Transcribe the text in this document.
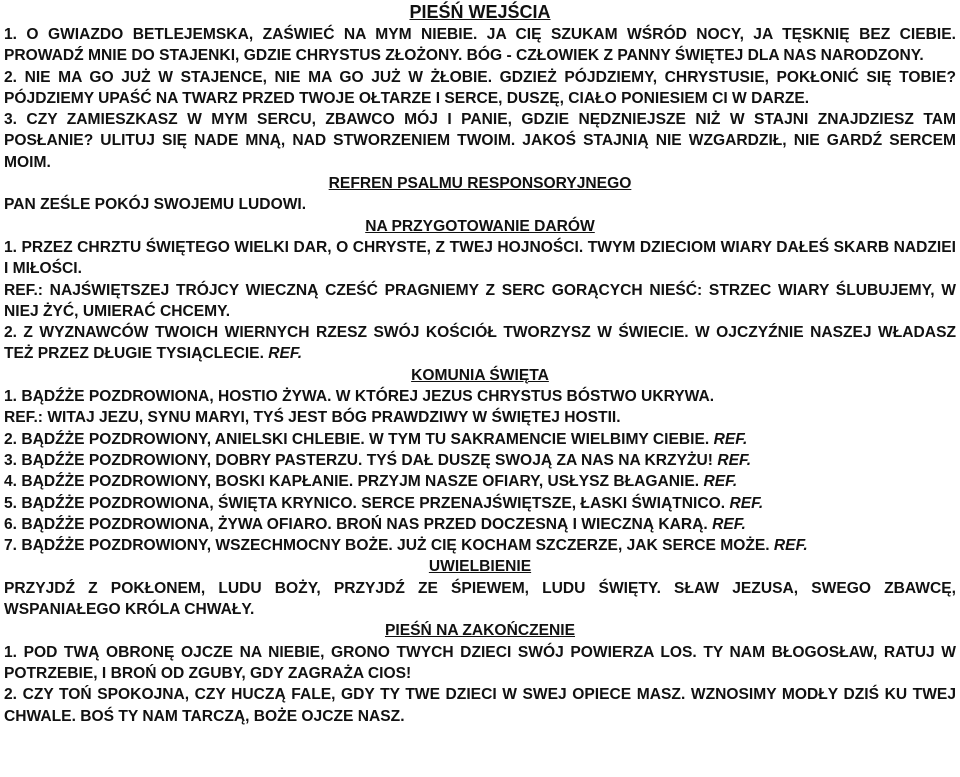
PIEŚŃ WEJŚCIA
1. O GWIAZDO BETLEJEMSKA, ZAŚWIEĆ NA MYM NIEBIE. JA CIĘ SZUKAM WŚRÓD NOCY, JA TĘSKNIĘ BEZ CIEBIE. PROWADŹ MNIE DO STAJENKI, GDZIE CHRYSTUS ZŁOŻONY. BÓG - CZŁOWIEK Z PANNY ŚWIĘTEJ DLA NAS NARODZONY.
2. NIE MA GO JUŻ W STAJENCE, NIE MA GO JUŻ W ŻŁOBIE. GDZIEŻ PÓJDZIEMY, CHRYSTUSIE, POKŁONIĆ SIĘ TOBIE? PÓJDZIEMY UPAŚĆ NA TWARZ PRZED TWOJE OŁTARZE I SERCE, DUSZĘ, CIAŁO PONIESIEM CI W DARZE.
3. CZY ZAMIESZKASZ W MYM SERCU, ZBAWCO MÓJ I PANIE, GDZIE NĘDZNIEJSZE NIŻ W STAJNI ZNAJDZIESZ TAM POSŁANIE? ULITUJ SIĘ NADE MNĄ, NAD STWORZENIEM TWOIM. JAKOŚ STAJNIĄ NIE WZGARDZIŁ, NIE GARDŹ SERCEM MOIM.
REFREN PSALMU RESPONSORYJNEGO
PAN ZEŚLE POKÓJ SWOJEMU LUDOWI.
NA PRZYGOTOWANIE DARÓW
1. PRZEZ CHRZTU ŚWIĘTEGO WIELKI DAR, O CHRYSTE, Z TWEJ HOJNOŚCI. TWYM DZIECIOM WIARY DAŁEŚ SKARB NADZIEI I MIŁOŚCI.
REF.: NAJŚWIĘTSZEJ TRÓJCY WIECZNĄ CZEŚĆ PRAGNIEMY Z SERC GORĄCYCH NIEŚĆ: STRZEC WIARY ŚLUBUJEMY, W NIEJ ŻYĆ, UMIERAĆ CHCEMY.
2. Z WYZNAWCÓW TWOICH WIERNYCH RZESZ SWÓJ KOŚCIÓŁ TWORZYSZ W ŚWIECIE. W OJCZYŹNIE NASZEJ WŁADASZ TEŻ PRZEZ DŁUGIE TYSIĄCLECIE. REF.
KOMUNIA ŚWIĘTA
1. BĄDŹŻE POZDROWIONA, HOSTIO ŻYWA. W KTÓREJ JEZUS CHRYSTUS BÓSTWO UKRYWA.
REF.: WITAJ JEZU, SYNU MARYI, TYŚ JEST BÓG PRAWDZIWY W ŚWIĘTEJ HOSTII.
2. BĄDŹŻE POZDROWIONY, ANIELSKI CHLEBIE. W TYM TU SAKRAMENCIE WIELBIMY CIEBIE. REF.
3. BĄDŹŻE POZDROWIONY, DOBRY PASTERZU. TYŚ DAŁ DUSZĘ SWOJĄ ZA NAS NA KRZYŻU! REF.
4. BĄDŹŻE POZDROWIONY, BOSKI KAPŁANIE. PRZYJM NASZE OFIARY, USŁYSZ BŁAGANIE. REF.
5. BĄDŹŻE POZDROWIONA, ŚWIĘTA KRYNICO. SERCE PRZENAJŚWIĘTSZE, ŁASKI ŚWIĄTNICO. REF.
6. BĄDŹŻE POZDROWIONA, ŻYWA OFIARO. BROŃ NAS PRZED DOCZESNĄ I WIECZNĄ KARĄ. REF.
7. BĄDŹŻE POZDROWIONY, WSZECHMOCNY BOŻE. JUŻ CIĘ KOCHAM SZCZERZE, JAK SERCE MOŻE. REF.
UWIELBIENIE
PRZYJDŹ Z POKŁONEM, LUDU BOŻY, PRZYJDŹ ZE ŚPIEWEM, LUDU ŚWIĘTY. SŁAW JEZUSA, SWEGO ZBAWCĘ, WSPANIAŁEGO KRÓLA CHWAŁY.
PIEŚŃ NA ZAKOŃCZENIE
1. POD TWĄ OBRONĘ OJCZE NA NIEBIE, GRONO TWYCH DZIECI SWÓJ POWIERZA LOS. TY NAM BŁOGOSŁAW, RATUJ W POTRZEBIE, I BROŃ OD ZGUBY, GDY ZAGRAŻA CIOS!
2. CZY TOŃ SPOKOJNA, CZY HUCZĄ FALE, GDY TY TWE DZIECI W SWEJ OPIECE MASZ. WZNOSIMY MODŁY DZIŚ KU TWEJ CHWALE. BOŚ TY NAM TARCZĄ, BOŻE OJCZE NASZ.
